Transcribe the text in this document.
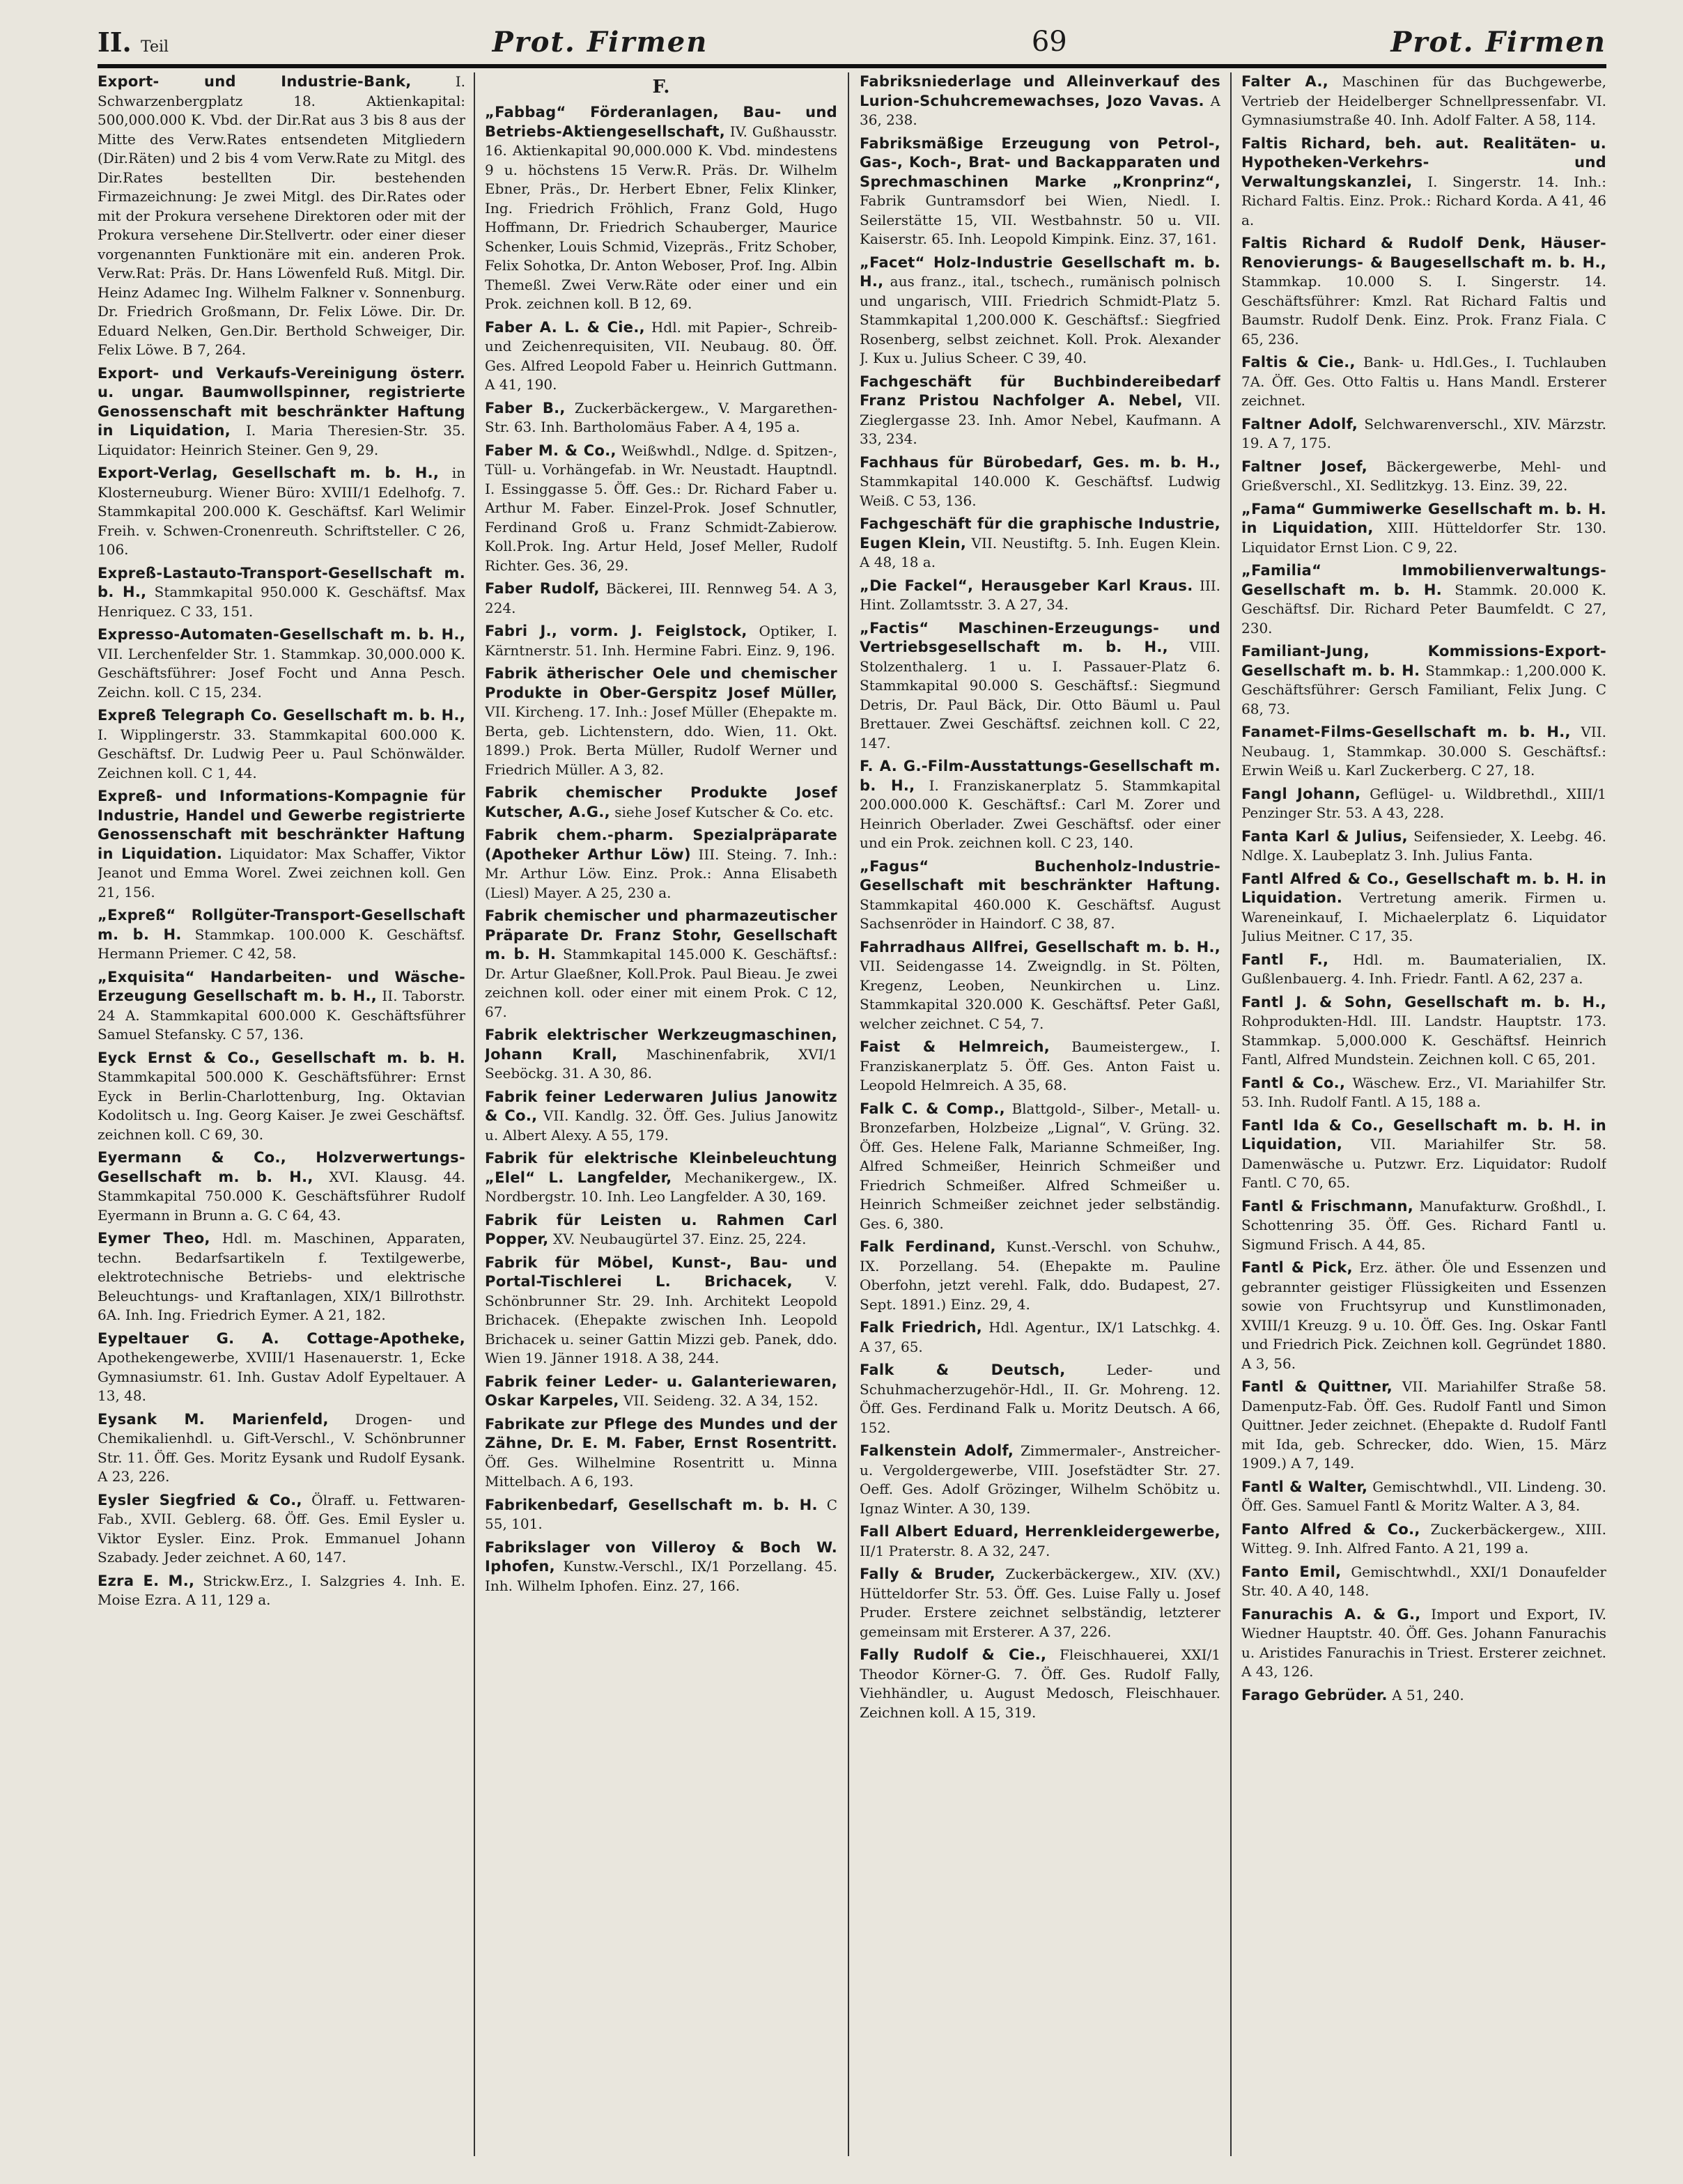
II. Teil	Prot. Firmen	69	Prot. Firmen
Export- und Industrie-Bank,	I. Schwarzenbergplatz 18. Aktienkapital: 500,000.000 K. Vbd. der Dir.Rat aus 3 bis 8 aus der Mitte des Verw.Rates entsendeten Mitgliedern (Dir.Räten) und 2 bis 4 vom Verw.Rate zu Mitgl. des Dir.Rates bestellten Dir. bestehenden Firmazeichnung: Je zwei Mitgl. des Dir.Rates oder mit der Prokura versehene Direktoren oder mit der Prokura versehene Dir.Stellvertr. oder einer dieser vorgenannten Funktionäre mit ein. anderen Prok. Verw.Rat: Präs. Dr. Hans Löwenfeld Ruß. Mitgl. Dir. Heinz Adamec Ing. Wilhelm Falkner v. Sonnenburg. Dr. Friedrich Großmann, Dr. Felix Löwe. Dir. Dr. Eduard Nelken, Gen.Dir. Berthold Schweiger, Dir. Felix Löwe. B 7, 264.
Export- und Verkaufs-Vereinigung österr. u. ungar. Baumwollspinner, registrierte Genossenschaft mit beschränkter Haftung in Liquidation, I. Maria Theresien-Str. 35. Liquidator: Heinrich Steiner. Gen 9, 29.
Export-Verlag, Gesellschaft m. b. H., in Klosterneuburg. Wiener Büro: XVIII/1 Edelhofg. 7. Stammkapital 200.000 K. Geschäftsf. Karl Welimir Freih. v. Schwen-Cronenreuth. Schriftsteller. C 26, 106.
Expreß-Lastauto-Transport-Gesellschaft m. b. H., Stammkapital 950.000 K. Geschäftsf. Max Henriquez. C 33, 151.
Expresso-Automaten-Gesellschaft m. b. H., VII. Lerchenfelder Str. 1. Stammkap. 30,000.000 K. Geschäftsführer: Josef Focht und Anna Pesch. Zeichn. koll. C 15, 234.
Expreß Telegraph Co. Gesellschaft m. b. H., I. Wipplingerstr. 33. Stammkapital 600.000 K. Geschäftsf. Dr. Ludwig Peer u. Paul Schönwälder. Zeichnen koll. C 1, 44.
Expreß- und Informations-Kompagnie für Industrie, Handel und Gewerbe registrierte Genossenschaft mit beschränkter Haftung in Liquidation. Liquidator: Max Schaffer, Viktor Jeanot und Emma Worel. Zwei zeichnen koll. Gen 21, 156.
„Expreß“ Rollgüter-Transport-Gesellschaft m. b. H. Stammkap. 100.000 K. Geschäftsf. Hermann Priemer. C 42, 58.
„Exquisita“ Handarbeiten- und Wäsche-Erzeugung Gesellschaft m. b. H., II. Taborstr. 24 A. Stammkapital 600.000 K. Geschäftsführer Samuel Stefansky. C 57, 136.
Eyck Ernst & Co., Gesellschaft m. b. H. Stammkapital 500.000 K. Geschäftsführer: Ernst Eyck in Berlin-Charlottenburg, Ing. Oktavian Kodolitsch u. Ing. Georg Kaiser. Je zwei Geschäftsf. zeichnen koll. C 69, 30.
Eyermann & Co., Holzverwertungs-Gesellschaft m. b. H., XVI. Klausg. 44. Stammkapital 750.000 K. Geschäftsführer Rudolf Eyermann in Brunn a. G. C 64, 43.
Eymer Theo, Hdl. m. Maschinen, Apparaten, techn. Bedarfsartikeln f. Textilgewerbe, elektrotechnische Betriebs- und elektrische Beleuchtungs- und Kraftanlagen, XIX/1 Billrothstr. 6A. Inh. Ing. Friedrich Eymer. A 21, 182.
Eypeltauer G. A. Cottage-Apotheke, Apothekengewerbe, XVIII/1 Hasenauerstr. 1, Ecke Gymnasiumstr. 61. Inh. Gustav Adolf Eypeltauer. A 13, 48.
Eysank M. Marienfeld, Drogen- und Chemikalienhdl. u. Gift-Verschl., V. Schönbrunner Str. 11. Öff. Ges. Moritz Eysank und Rudolf Eysank. A 23, 226.
Eysler Siegfried & Co., Ölraff. u. Fettwaren-Fab., XVII. Geblerg. 68. Öff. Ges. Emil Eysler u. Viktor Eysler. Einz. Prok. Emmanuel Johann Szabady. Jeder zeichnet. A 60, 147.
Ezra E. M., Strickw.Erz., I. Salzgries 4. Inh. E. Moise Ezra. A 11, 129 a.
F.
„Fabbag“ Förderanlagen, Bau- und Betriebs-Aktiengesellschaft, IV. Gußhausstr. 16. Aktienkapital 90,000.000 K. Vbd. mindestens 9 u. höchstens 15 Verw.R. Präs. Dr. Wilhelm Ebner, Präs., Dr. Herbert Ebner, Felix Klinker, Ing. Friedrich Fröhlich, Franz Gold, Hugo Hoffmann, Dr. Friedrich Schauberger, Maurice Schenker, Louis Schmid, Vizepräs., Fritz Schober, Felix Sohotka, Dr. Anton Weboser, Prof. Ing. Albin Themeßl. Zwei Verw.Räte oder einer und ein Prok. zeichnen koll. B 12, 69.
Faber A. L. & Cie., Hdl. mit Papier-, Schreib- und Zeichenrequisiten, VII. Neubaug. 80. Öff. Ges. Alfred Leopold Faber u. Heinrich Guttmann. A 41, 190.
Faber B., Zuckerbäckergew., V. Margarethen-Str. 63. Inh. Bartholomäus Faber. A 4, 195 a.
Faber M. & Co., Weißwhdl., Ndlge. d. Spitzen-, Tüll- u. Vorhängefab. in Wr. Neustadt. Hauptndl. I. Essinggasse 5. Öff. Ges.: Dr. Richard Faber u. Arthur M. Faber. Einzel-Prok. Josef Schnutler, Ferdinand Groß u. Franz Schmidt-Zabierow. Koll.Prok. Ing. Artur Held, Josef Meller, Rudolf Richter. Ges. 36, 29.
Faber Rudolf, Bäckerei, III. Rennweg 54. A 3, 224.
Fabri J., vorm. J. Feiglstock, Optiker, I. Kärntnerstr. 51. Inh. Hermine Fabri. Einz. 9, 196.
Fabrik ätherischer Oele und chemischer Produkte in Ober-Gerspitz Josef Müller, VII. Kircheng. 17. Inh.: Josef Müller (Ehepakte m. Berta, geb. Lichtenstern, ddo. Wien, 11. Okt. 1899.) Prok. Berta Müller, Rudolf Werner und Friedrich Müller. A 3, 82.
Fabrik chemischer Produkte Josef Kutscher, A.G., siehe Josef Kutscher & Co. etc.
Fabrik chem.-pharm. Spezialpräparate (Apotheker Arthur Löw) III. Steing. 7. Inh.: Mr. Arthur Löw. Einz. Prok.: Anna Elisabeth (Liesl) Mayer. A 25, 230 a.
Fabrik chemischer und pharmazeutischer Präparate Dr. Franz Stohr, Gesellschaft m. b. H. Stammkapital 145.000 K. Geschäftsf.: Dr. Artur Glaeßner, Koll.Prok. Paul Bieau. Je zwei zeichnen koll. oder einer mit einem Prok. C 12, 67.
Fabrik elektrischer Werkzeugmaschinen, Johann Krall, Maschinenfabrik, XVI/1 Seeböckg. 31. A 30, 86.
Fabrik feiner Lederwaren Julius Janowitz & Co., VII. Kandlg. 32. Öff. Ges. Julius Janowitz u. Albert Alexy. A 55, 179.
Fabrik für elektrische Kleinbeleuchtung „Elel“ L. Langfelder, Mechanikergew., IX. Nordbergstr. 10. Inh. Leo Langfelder. A 30, 169.
Fabrik für Leisten u. Rahmen Carl Popper, XV. Neubaugürtel 37. Einz. 25, 224.
Fabrik für Möbel, Kunst-, Bau- und Portal-Tischlerei L. Brichacek, V. Schönbrunner Str. 29. Inh. Architekt Leopold Brichacek. (Ehepakte zwischen Inh. Leopold Brichacek u. seiner Gattin Mizzi geb. Panek, ddo. Wien 19. Jänner 1918. A 38, 244.
Fabrik feiner Leder- u. Galanteriewaren, Oskar Karpeles, VII. Seideng. 32. A 34, 152.
Fabrikate zur Pflege des Mundes und der Zähne, Dr. E. M. Faber, Ernst Rosentritt. Öff. Ges. Wilhelmine Rosentritt u. Minna Mittelbach. A 6, 193.
Fabrikenbedarf, Gesellschaft m. b. H. C 55, 101.
Fabrikslager von Villeroy & Boch W. Iphofen, Kunstw.-Verschl., IX/1 Porzellang. 45. Inh. Wilhelm Iphofen. Einz. 27, 166.
Fabriksniederlage und Alleinverkauf des Lurion-Schuhcremewachses, Jozo Vavas. A 36, 238.
Fabriksmäßige Erzeugung von Petrol-, Gas-, Koch-, Brat- und Backapparaten und Sprechmaschinen Marke „Kronprinz“, Fabrik Guntramsdorf bei Wien, Niedl. I. Seilerstätte 15, VII. Westbahnstr. 50 u. VII. Kaiserstr. 65. Inh. Leopold Kimpink. Einz. 37, 161.
„Facet“ Holz-Industrie Gesellschaft m. b. H., aus franz., ital., tschech., rumänisch polnisch und ungarisch, VIII. Friedrich Schmidt-Platz 5. Stammkapital 1,200.000 K. Geschäftsf.: Siegfried Rosenberg, selbst zeichnet. Koll. Prok. Alexander J. Kux u. Julius Scheer. C 39, 40.
Fachgeschäft für Buchbindereibedarf Franz Pristou Nachfolger A. Nebel, VII. Zieglergasse 23. Inh. Amor Nebel, Kaufmann. A 33, 234.
Fachhaus für Bürobedarf, Ges. m. b. H., Stammkapital 140.000 K. Geschäftsf. Ludwig Weiß. C 53, 136.
Fachgeschäft für die graphische Industrie, Eugen Klein, VII. Neustiftg. 5. Inh. Eugen Klein. A 48, 18 a.
„Die Fackel“, Herausgeber Karl Kraus. III. Hint. Zollamtsstr. 3. A 27, 34.
„Factis“ Maschinen-Erzeugungs- und Vertriebsgesellschaft m. b. H., VIII. Stolzenthalerg. 1 u. I. Passauer-Platz 6. Stammkapital 90.000 S. Geschäftsf.: Siegmund Detris, Dr. Paul Bäck, Dir. Otto Bäuml u. Paul Brettauer. Zwei Geschäftsf. zeichnen koll. C 22, 147.
F. A. G.-Film-Ausstattungs-Gesellschaft m. b. H., I. Franziskanerplatz 5. Stammkapital 200.000.000 K. Geschäftsf.: Carl M. Zorer und Heinrich Oberlader. Zwei Geschäftsf. oder einer und ein Prok. zeichnen koll. C 23, 140.
„Fagus“ Buchenholz-Industrie-Gesellschaft mit beschränkter Haftung. Stammkapital 460.000 K. Geschäftsf. August Sachsenröder in Haindorf. C 38, 87.
Fahrradhaus Allfrei, Gesellschaft m. b. H., VII. Seidengasse 14. Zweigndlg. in St. Pölten, Kregenz, Leoben, Neunkirchen u. Linz. Stammkapital 320.000 K. Geschäftsf. Peter Gaßl, welcher zeichnet. C 54, 7.
Faist & Helmreich, Baumeistergew., I. Franziskanerplatz 5. Öff. Ges. Anton Faist u. Leopold Helmreich. A 35, 68.
Falk C. & Comp., Blattgold-, Silber-, Metall- u. Bronzefarben, Holzbeize „Lignal“, V. Grüng. 32. Öff. Ges. Helene Falk, Marianne Schmeißer, Ing. Alfred Schmeißer, Heinrich Schmeißer und Friedrich Schmeißer. Alfred Schmeißer u. Heinrich Schmeißer zeichnet jeder selbständig. Ges. 6, 380.
Falk Ferdinand, Kunst.-Verschl. von Schuhw., IX. Porzellang. 54. (Ehepakte m. Pauline Oberfohn, jetzt verehl. Falk, ddo. Budapest, 27. Sept. 1891.) Einz. 29, 4.
Falk Friedrich, Hdl. Agentur., IX/1 Latschkg. 4. A 37, 65.
Falk & Deutsch,	Leder- und Schuhmacherzugehör-Hdl., II. Gr. Mohreng. 12. Öff. Ges. Ferdinand Falk u. Moritz Deutsch. A 66, 152.
Falkenstein Adolf, Zimmermaler-, Anstreicher- u. Vergoldergewerbe, VIII. Josefstädter Str. 27. Oeff. Ges. Adolf Grözinger, Wilhelm Schöbitz u. Ignaz Winter. A 30, 139.
Fall Albert Eduard, Herrenkleidergewerbe, II/1 Praterstr. 8. A 32, 247.
Fally & Bruder, Zuckerbäckergew., XIV. (XV.) Hütteldorfer Str. 53. Öff. Ges. Luise Fally u. Josef Pruder. Erstere zeichnet selbständig, letzterer gemeinsam mit Ersterer. A 37, 226.
Fally Rudolf & Cie., Fleischhauerei, XXI/1 Theodor Körner-G. 7. Öff. Ges. Rudolf Fally, Viehhändler, u. August Medosch, Fleischhauer. Zeichnen koll. A 15, 319.
Falter A., Maschinen für das Buchgewerbe, Vertrieb der Heidelberger Schnellpressenfabr. VI. Gymnasiumstraße 40. Inh. Adolf Falter. A 58, 114.
Faltis Richard, beh. aut. Realitäten- u. Hypotheken-Verkehrs- und Verwaltungskanzlei, I. Singerstr. 14. Inh.: Richard Faltis. Einz. Prok.: Richard Korda. A 41, 46 a.
Faltis Richard & Rudolf Denk, Häuser-Renovierungs- & Baugesellschaft m. b. H., Stammkap. 10.000 S. I. Singerstr. 14. Geschäftsführer: Kmzl. Rat Richard Faltis und Baumstr. Rudolf Denk. Einz. Prok. Franz Fiala. C 65, 236.
Faltis & Cie., Bank- u. Hdl.Ges., I. Tuchlauben 7A. Öff. Ges. Otto Faltis u. Hans Mandl. Ersterer zeichnet.
Faltner Adolf, Selchwarenverschl., XIV. Märzstr. 19. A 7, 175.
Faltner Josef, Bäckergewerbe, Mehl- und Grießverschl., XI. Sedlitzkyg. 13. Einz. 39, 22.
„Fama“ Gummiwerke Gesellschaft m. b. H. in Liquidation, XIII. Hütteldorfer Str. 130. Liquidator Ernst Lion. C 9, 22.
„Familia“ Immobilienverwaltungs-Gesellschaft m. b. H. Stammk. 20.000 K. Geschäftsf. Dir. Richard Peter Baumfeldt. C 27, 230.
Familiant-Jung, Kommissions-Export-Gesellschaft m. b. H. Stammkap.: 1,200.000 K. Geschäftsführer: Gersch Familiant, Felix Jung. C 68, 73.
Fanamet-Films-Gesellschaft m. b. H., VII. Neubaug. 1, Stammkap. 30.000 S. Geschäftsf.: Erwin Weiß u. Karl Zuckerberg. C 27, 18.
Fangl Johann, Geflügel- u. Wildbrethdl., XIII/1 Penzinger Str. 53. A 43, 228.
Fanta Karl & Julius, Seifensieder, X. Leebg. 46. Ndlge. X. Laubeplatz 3. Inh. Julius Fanta.
Fantl Alfred & Co., Gesellschaft m. b. H. in Liquidation. Vertretung amerik. Firmen u. Wareneinkauf, I. Michaelerplatz 6. Liquidator Julius Meitner. C 17, 35.
Fantl F., Hdl. m. Baumaterialien, IX. Gußlenbauerg. 4. Inh. Friedr. Fantl. A 62, 237 a.
Fantl J. & Sohn, Gesellschaft m. b. H., Rohprodukten-Hdl. III. Landstr. Hauptstr. 173. Stammkap. 5,000.000 K. Geschäftsf. Heinrich Fantl, Alfred Mundstein. Zeichnen koll. C 65, 201.
Fantl & Co., Wäschew. Erz., VI. Mariahilfer Str. 53. Inh. Rudolf Fantl. A 15, 188 a.
Fantl Ida & Co., Gesellschaft m. b. H. in Liquidation, VII. Mariahilfer Str. 58. Damenwäsche u. Putzwr. Erz. Liquidator: Rudolf Fantl. C 70, 65.
Fantl & Frischmann, Manufakturw. Großhdl., I. Schottenring 35. Öff. Ges. Richard Fantl u. Sigmund Frisch. A 44, 85.
Fantl & Pick, Erz. äther. Öle und Essenzen und gebrannter geistiger Flüssigkeiten und Essenzen sowie von Fruchtsyrup und Kunstlimonaden, XVIII/1 Kreuzg. 9 u. 10. Öff. Ges. Ing. Oskar Fantl und Friedrich Pick. Zeichnen koll. Gegründet 1880. A 3, 56.
Fantl & Quittner, VII. Mariahilfer Straße 58. Damenputz-Fab. Öff. Ges. Rudolf Fantl und Simon Quittner. Jeder zeichnet. (Ehepakte d. Rudolf Fantl mit Ida, geb. Schrecker, ddo. Wien, 15. März 1909.) A 7, 149.
Fantl & Walter, Gemischtwhdl., VII. Lindeng. 30. Öff. Ges. Samuel Fantl & Moritz Walter. A 3, 84.
Fanto Alfred & Co., Zuckerbäckergew., XIII. Witteg. 9. Inh. Alfred Fanto. A 21, 199 a.
Fanto Emil, Gemischtwhdl., XXI/1 Donaufelder Str. 40. A 40, 148.
Fanurachis A. & G., Import und Export, IV. Wiedner Hauptstr. 40. Öff. Ges. Johann Fanurachis u. Aristides Fanurachis in Triest. Ersterer zeichnet. A 43, 126.
Farago Gebrüder. A 51, 240.
